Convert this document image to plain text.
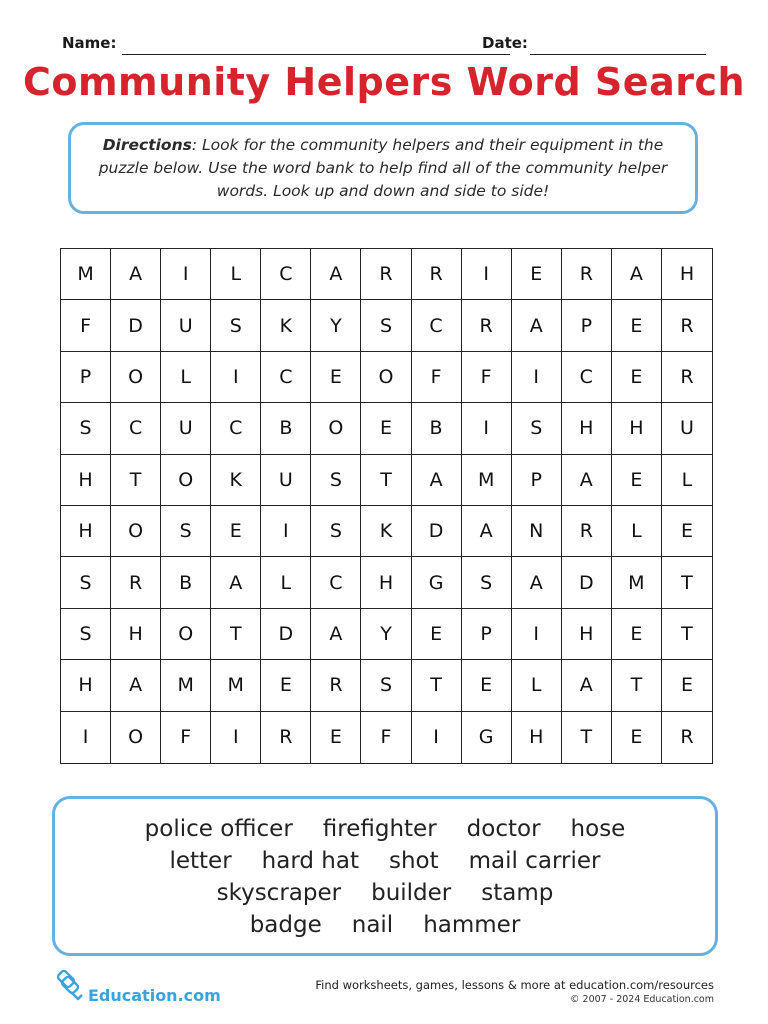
Name:	Date:
Community Helpers Word Search
Directions: Look for the community helpers and their equipment in the puzzle below. Use the word bank to help find all of the community helper words. Look up and down and side to side!
M	A	I	L	C	A	R	R	I	E	R	A	H
F	D	U	S	K	Y	S	C	R	A	P	E	R
P	O	L	I	C	E	O	F	F	I	C	E	R
S	C	U	C	B	O	E	B	I	S	H	H	U
H	T	O	K	U	S	T	A	M	P	A	E	L
H	O	S	E	I	S	K	D	A	N	R	L	E
S	R	B	A	L	C	H	G	S	A	D	M	T
S	H	O	T	D	A	Y	E	P	I	H	E	T
H	A	M	M	E	R	S	T	E	L	A	T	E
I	O	F	I	R	E	F	I	G	H	T	E	R
police officer firefighter doctor hose
letter hard hat shot mail carrier
skyscraper builder stamp
badge nail hammer
Education.com
Find worksheets, games, lessons & more at education.com/resources
© 2007 - 2024 Education.com
